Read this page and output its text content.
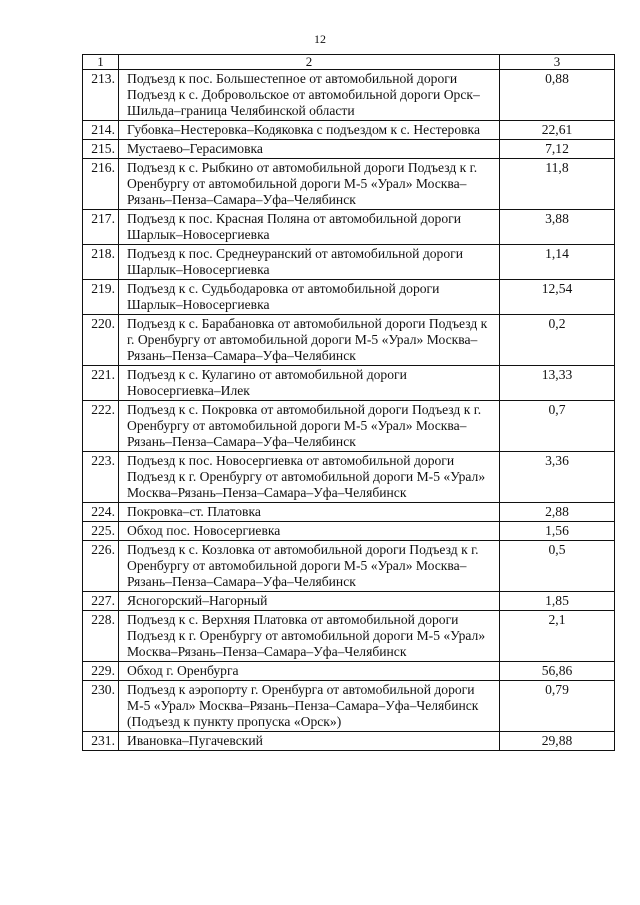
12
1	2	3
213.	Подъезд к пос. Большестепное от автомобильной дороги Подъезд к с. Добровольское от автомобильной дороги Орск–Шильда–граница Челябинской области	0,88
214.	Губовка–Нестеровка–Кодяковка с подъездом к с. Нестеровка	22,61
215.	Мустаево–Герасимовка	7,12
216.	Подъезд к с. Рыбкино от автомобильной дороги Подъезд к г. Оренбургу от автомобильной дороги М-5 «Урал» Москва–Рязань–Пенза–Самара–Уфа–Челябинск	11,8
217.	Подъезд к пос. Красная Поляна от автомобильной дороги Шарлык–Новосергиевка	3,88
218.	Подъезд к пос. Среднеуранский от автомобильной дороги Шарлык–Новосергиевка	1,14
219.	Подъезд к с. Судьбодаровка от автомобильной дороги Шарлык–Новосергиевка	12,54
220.	Подъезд к с. Барабановка от автомобильной дороги Подъезд к г. Оренбургу от автомобильной дороги М-5 «Урал» Москва–Рязань–Пенза–Самара–Уфа–Челябинск	0,2
221.	Подъезд к с. Кулагино от автомобильной дороги Новосергиевка–Илек	13,33
222.	Подъезд к с. Покровка от автомобильной дороги Подъезд к г. Оренбургу от автомобильной дороги М-5 «Урал» Москва–Рязань–Пенза–Самара–Уфа–Челябинск	0,7
223.	Подъезд к пос. Новосергиевка от автомобильной дороги Подъезд к г. Оренбургу от автомобильной дороги М-5 «Урал» Москва–Рязань–Пенза–Самара–Уфа–Челябинск	3,36
224.	Покровка–ст. Платовка	2,88
225.	Обход пос. Новосергиевка	1,56
226.	Подъезд к с. Козловка от автомобильной дороги Подъезд к г. Оренбургу от автомобильной дороги М-5 «Урал» Москва–Рязань–Пенза–Самара–Уфа–Челябинск	0,5
227.	Ясногорский–Нагорный	1,85
228.	Подъезд к с. Верхняя Платовка от автомобильной дороги Подъезд к г. Оренбургу от автомобильной дороги М-5 «Урал» Москва–Рязань–Пенза–Самара–Уфа–Челябинск	2,1
229.	Обход г. Оренбурга	56,86
230.	Подъезд к аэропорту г. Оренбурга от автомобильной дороги М-5 «Урал» Москва–Рязань–Пенза–Самара–Уфа–Челябинск (Подъезд к пункту пропуска «Орск»)	0,79
231.	Ивановка–Пугачевский	29,88
